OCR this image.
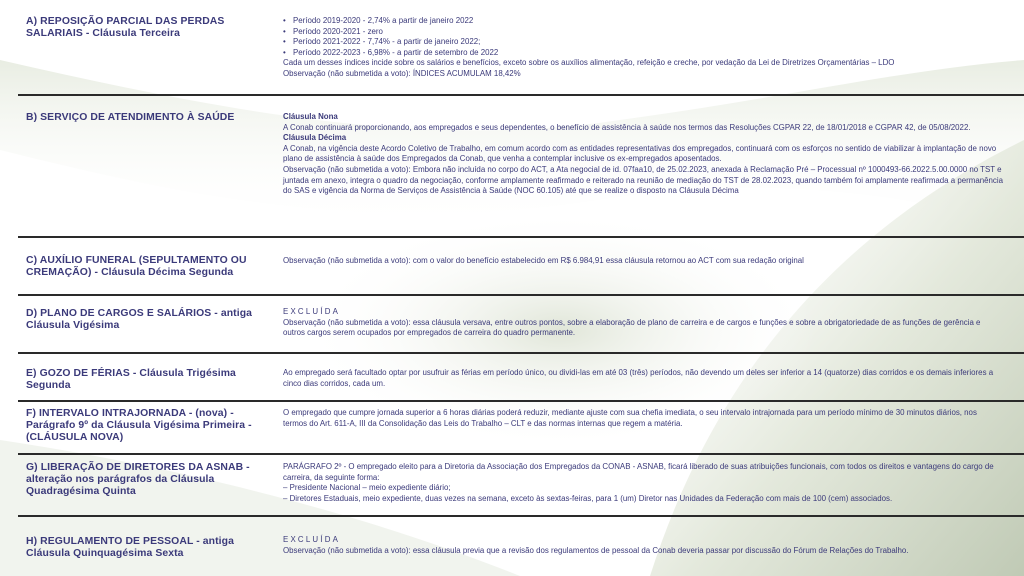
A) REPOSIÇÃO PARCIAL DAS PERDAS SALARIAIS - Cláusula Terceira
• Período 2019-2020 - 2,74% a partir de janeiro 2022
• Período 2020-2021 - zero
• Período 2021-2022 - 7,74% - a partir de janeiro 2022;
• Período 2022-2023 - 6,98% - a partir de setembro de 2022
Cada um desses índices incide sobre os salários e benefícios, exceto sobre os auxílios alimentação, refeição e creche, por vedação da Lei de Diretrizes Orçamentárias – LDO
Observação (não submetida a voto): ÍNDICES ACUMULAM 18,42%
B) SERVIÇO DE ATENDIMENTO À SAÚDE	Cláusula Nona
A Conab continuará proporcionando, aos empregados e seus dependentes, o benefício de assistência à saúde nos termos das Resoluções CGPAR 22, de 18/01/2018 e CGPAR 42, de 05/08/2022.
Cláusula Décima
A Conab, na vigência deste Acordo Coletivo de Trabalho, em comum acordo com as entidades representativas dos empregados, continuará com os esforços no sentido de viabilizar à implantação de novo plano de assistência à saúde dos Empregados da Conab, que venha a contemplar inclusive os ex-empregados aposentados.
Observação (não submetida a voto): Embora não incluída no corpo do ACT, a Ata negocial de id. 07faa10, de 25.02.2023, anexada à Reclamação Pré – Processual nº 1000493-66.2022.5.00.0000 no TST e juntada em anexo, integra o quadro da negociação, conforme amplamente reafirmado e reiterado na reunião de mediação do TST de 28.02.2023, quando também foi amplamente reafirmada a permanência do SAS e vigência da Norma de Serviços de Assistência à Saúde (NOC 60.105) até que se realize o disposto na Cláusula Décima
C) AUXÍLIO FUNERAL (SEPULTAMENTO OU CREMAÇÃO) - Cláusula Décima Segunda
Observação (não submetida a voto): com o valor do benefício estabelecido em R$ 6.984,91 essa cláusula retornou ao ACT com sua redação original
D) PLANO DE CARGOS E SALÁRIOS - antiga Cláusula Vigésima
EXCLUÍDA
Observação (não submetida a voto): essa cláusula versava, entre outros pontos, sobre a elaboração de plano de carreira e de cargos e funções e sobre a obrigatoriedade de as funções de gerência e outros cargos serem ocupados por empregados de carreira do quadro permanente.
E) GOZO DE FÉRIAS - Cláusula Trigésima Segunda
Ao empregado será facultado optar por usufruir as férias em período único, ou dividi-las em até 03 (três) períodos, não devendo um deles ser inferior a 14 (quatorze) dias corridos e os demais inferiores a cinco dias corridos, cada um.
F) INTERVALO INTRAJORNADA - (nova) - Parágrafo 9º da Cláusula Vigésima Primeira - (CLÁUSULA NOVA)
O empregado que cumpre jornada superior a 6 horas diárias poderá reduzir, mediante ajuste com sua chefia imediata, o seu intervalo intrajornada para um período mínimo de 30 minutos diários, nos termos do Art. 611-A, III da Consolidação das Leis do Trabalho – CLT e das normas internas que regem a matéria.
G) LIBERAÇÃO DE DIRETORES DA ASNAB - alteração nos parágrafos da Cláusula Quadragésima Quinta
PARÁGRAFO 2º - O empregado eleito para a Diretoria da Associação dos Empregados da CONAB - ASNAB, ficará liberado de suas atribuições funcionais, com todos os direitos e vantagens do cargo de carreira, da seguinte forma:
– Presidente Nacional – meio expediente diário;
– Diretores Estaduais, meio expediente, duas vezes na semana, exceto às sextas-feiras, para 1 (um) Diretor nas Unidades da Federação com mais de 100 (cem) associados.
H) REGULAMENTO DE PESSOAL - antiga Cláusula Quinquagésima Sexta
EXCLUÍDA
Observação (não submetida a voto): essa cláusula previa que a revisão dos regulamentos de pessoal da Conab deveria passar por discussão do Fórum de Relações do Trabalho.
